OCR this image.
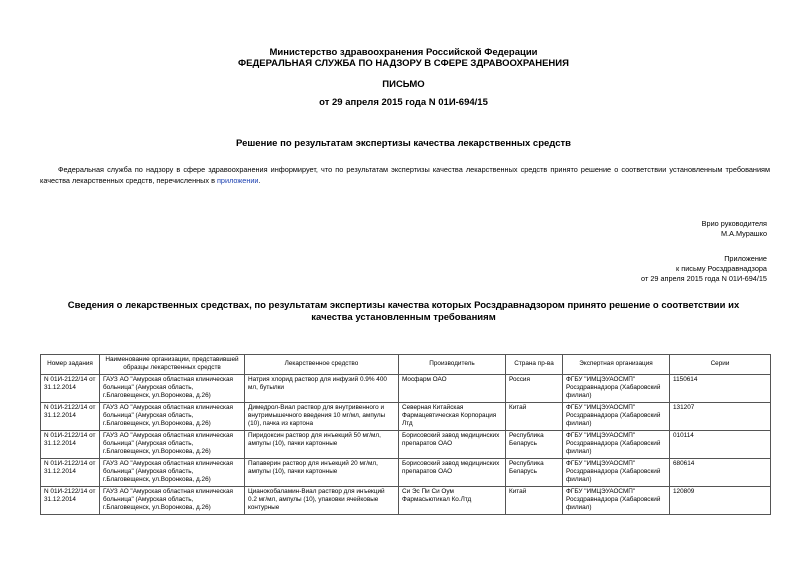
Министерство здравоохранения Российской Федерации
ФЕДЕРАЛЬНАЯ СЛУЖБА ПО НАДЗОРУ В СФЕРЕ ЗДРАВООХРАНЕНИЯ
ПИСЬМО
от 29 апреля 2015 года N 01И-694/15
Решение по результатам экспертизы качества лекарственных средств
Федеральная служба по надзору в сфере здравоохранения информирует, что по результатам экспертизы качества лекарственных средств принято решение о соответствии установленным требованиям качества лекарственных средств, перечисленных в приложении.
Врио руководителя
М.А.Мурашко
Приложение
к письму Росздравнадзора
от 29 апреля 2015 года N 01И-694/15
Сведения о лекарственных средствах, по результатам экспертизы качества которых Росздравнадзором принято решение о соответствии их качества установленным требованиям
Номер задания	Наименование организации, представившей образцы лекарственных средств	Лекарственное средство	Производитель	Страна пр-ва	Экспертная организация	Серии
N 01И-2122/14 от 31.12.2014	ГАУЗ АО "Амурская областная клиническая больница" (Амурская область, г.Благовещенск, ул.Воронкова, д.26)	Натрия хлорид раствор для инфузий 0.9% 400 мл, бутылки	Мосфарм ОАО	Россия	ФГБУ "ИМЦЭУАОСМП" Росздравнадзора (Хабаровский филиал)	1150614
N 01И-2122/14 от 31.12.2014	ГАУЗ АО "Амурская областная клиническая больница" (Амурская область, г.Благовещенск, ул.Воронкова, д.26)	Димедрол-Виал раствор для внутривенного и внутримышечного введения 10 мг/мл, ампулы (10), пачка из картона	Северная Китайская Фармацевтическая Корпорация Лтд	Китай	ФГБУ "ИМЦЭУАОСМП" Росздравнадзора (Хабаровский филиал)	131207
N 01И-2122/14 от 31.12.2014	ГАУЗ АО "Амурская областная клиническая больница" (Амурская область, г.Благовещенск, ул.Воронкова, д.26)	Пиридоксин раствор для инъекций 50 мг/мл, ампулы (10), пачки картонные	Борисовский завод медицинских препаратов ОАО	Республика Беларусь	ФГБУ "ИМЦЭУАОСМП" Росздравнадзора (Хабаровский филиал)	010114
N 01И-2122/14 от 31.12.2014	ГАУЗ АО "Амурская областная клиническая больница" (Амурская область, г.Благовещенск, ул.Воронкова, д.26)	Папаверин раствор для инъекций 20 мг/мл, ампулы (10), пачки картонные	Борисовский завод медицинских препаратов ОАО	Республика Беларусь	ФГБУ "ИМЦЭУАОСМП" Росздравнадзора (Хабаровский филиал)	680614
N 01И-2122/14 от 31.12.2014	ГАУЗ АО "Амурская областная клиническая больница" (Амурская область, г.Благовещенск, ул.Воронкова, д.26)	Цианокобаламин-Виал раствор для инъекций 0.2 мг/мл, ампулы (10), упаковки ячейковые контурные	Си Эс Пи Си Оум Фармасьютикал Ко.Лтд	Китай	ФГБУ "ИМЦЭУАОСМП" Росздравнадзора (Хабаровский филиал)	120809
